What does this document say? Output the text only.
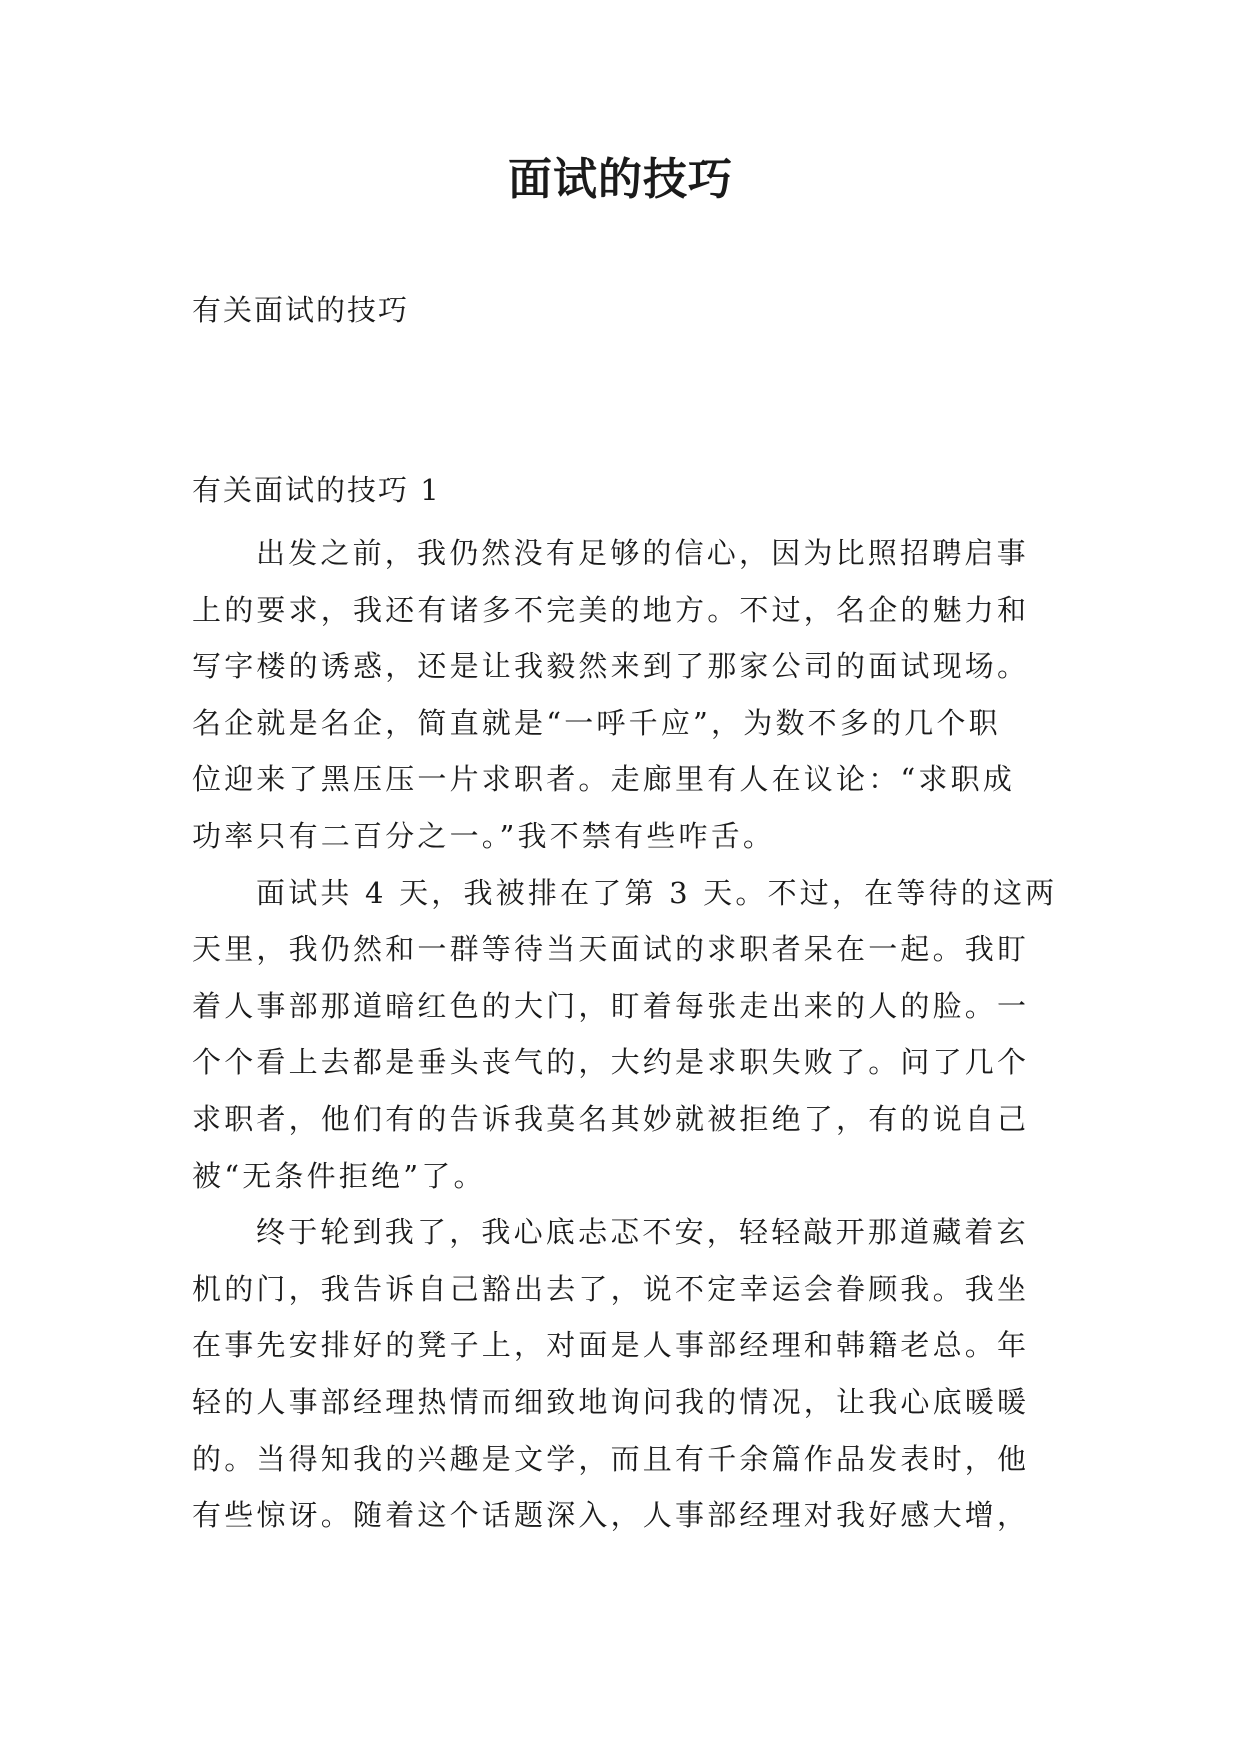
面试的技巧

有关面试的技巧

有关面试的技巧 1

出发之前，我仍然没有足够的信心，因为比照招聘启事
上的要求，我还有诸多不完美的地方。不过，名企的魅力和
写字楼的诱惑，还是让我毅然来到了那家公司的面试现场。
名企就是名企，简直就是“一呼千应”，为数不多的几个职
位迎来了黑压压一片求职者。走廊里有人在议论：“求职成
功率只有二百分之一。”我不禁有些咋舌。

面试共 4 天，我被排在了第 3 天。不过，在等待的这两
天里，我仍然和一群等待当天面试的求职者呆在一起。我盯
着人事部那道暗红色的大门，盯着每张走出来的人的脸。一
个个看上去都是垂头丧气的，大约是求职失败了。问了几个
求职者，他们有的告诉我莫名其妙就被拒绝了，有的说自己
被“无条件拒绝”了。

终于轮到我了，我心底忐忑不安，轻轻敲开那道藏着玄
机的门，我告诉自己豁出去了，说不定幸运会眷顾我。我坐
在事先安排好的凳子上，对面是人事部经理和韩籍老总。年
轻的人事部经理热情而细致地询问我的情况，让我心底暖暖
的。当得知我的兴趣是文学，而且有千余篇作品发表时，他
有些惊讶。随着这个话题深入，人事部经理对我好感大增，
